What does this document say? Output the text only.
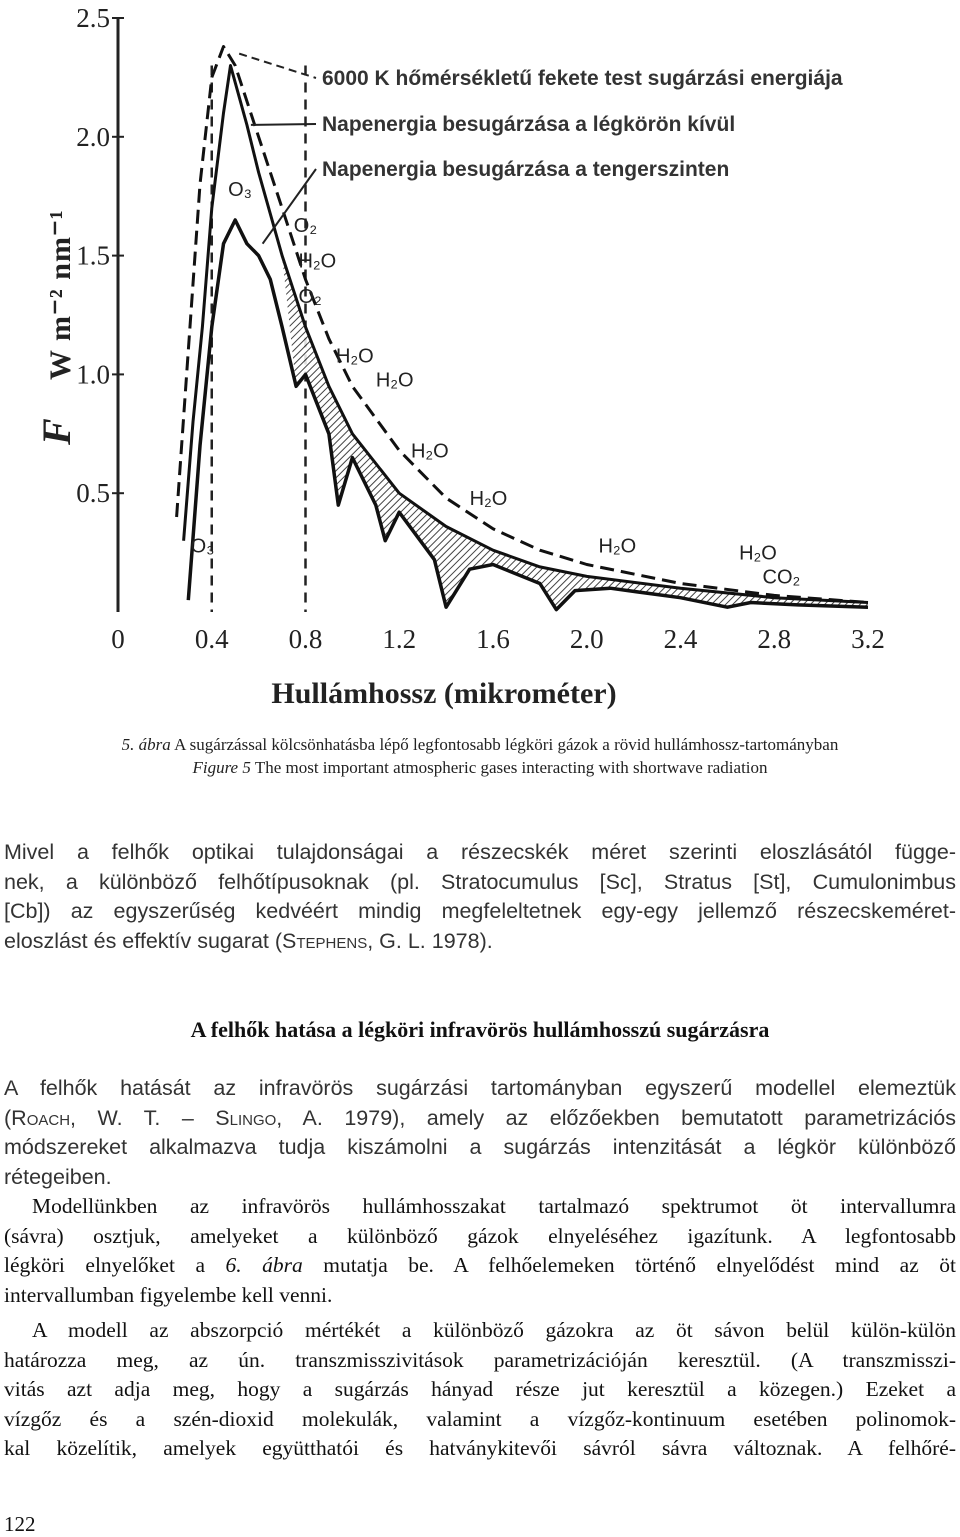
0	0.4 0.8 1.2 1.6 2.0 2.4 2.8 3.2
0.5
1.0
1.5
2.0
2.5
6000 K hőmérsékletű fekete test sugárzási energiája
Napenergia besugárzása a légkörön kívül
Napenergia besugárzása a tengerszinten
O₃
O₃
O₂
H₂O
O₂
H₂O
H₂O
H₂O
H₂O
H₂O	H₂O
CO₂
F
W m⁻² nm⁻¹
Hullámhossz (mikrométer)
5. ábra A sugárzással kölcsönhatásba lépő legfontosabb légköri gázok a rövid hullámhossz-tartományban
Figure 5 The most important atmospheric gases interacting with shortwave radiation
Mivel a felhők optikai tulajdonságai a részecskék méret szerinti eloszlásától függe-
nek, a különböző felhőtípusoknak (pl. Stratocumulus [Sc], Stratus [St], Cumulonimbus
[Cb]) az egyszerűség kedvéért mindig megfeleltetnek egy-egy jellemző részecskeméret-
eloszlást és effektív sugarat (Stephens, G. L. 1978).
A felhők hatása a légköri infravörös hullámhosszú sugárzásra
A felhők hatását az infravörös sugárzási tartományban egyszerű modellel elemeztük
(Roach, W. T. – Slingo, A. 1979), amely az előzőekben bemutatott parametrizációs
módszereket alkalmazva tudja kiszámolni a sugárzás intenzitását a légkör különböző
rétegeiben.
Modellünkben az infravörös hullámhosszakat tartalmazó spektrumot öt intervallumra
(sávra) osztjuk, amelyeket a különböző gázok elnyeléséhez igazítunk. A legfontosabb
légköri elnyelőket a 6. ábra mutatja be. A felhőelemeken történő elnyelődést mind az öt
intervallumban figyelembe kell venni.
A modell az abszorpció mértékét a különböző gázokra az öt sávon belül külön-külön
határozza meg, az ún. transzmisszivitások parametrizációján keresztül. (A transzmisszi-
vitás azt adja meg, hogy a sugárzás hányad része jut keresztül a közegen.) Ezeket a
vízgőz és a szén-dioxid molekulák, valamint a vízgőz-kontinuum esetében polinomok-
kal közelítik, amelyek együtthatói és hatványkitevői sávról sávra változnak. A felhőré-
122
